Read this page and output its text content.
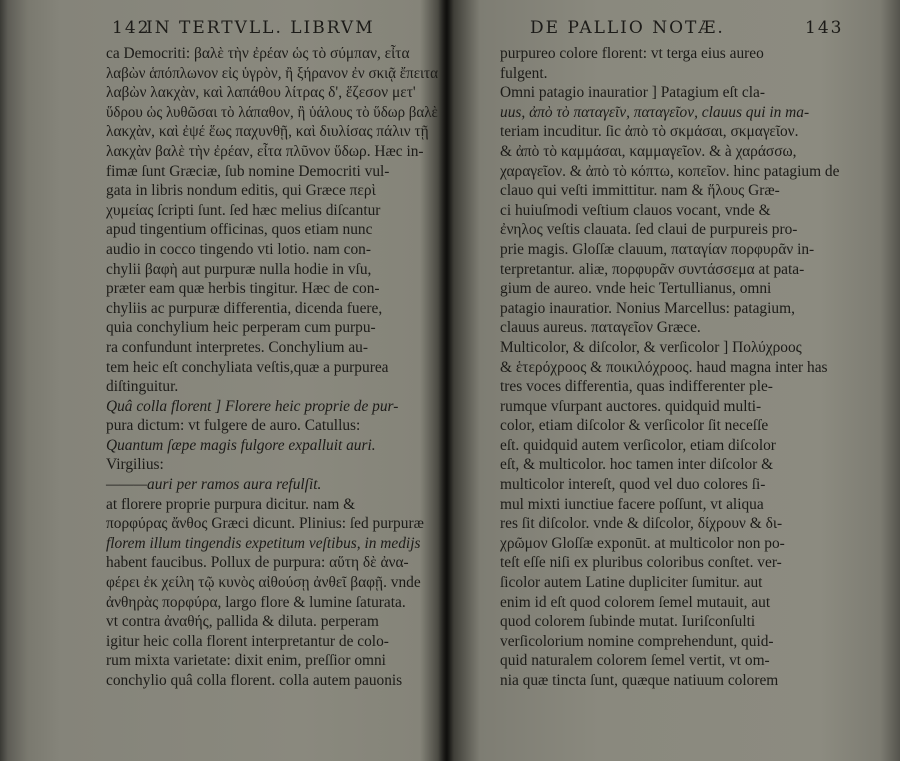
142
IN TERTVLL. LIBRVM
ca Democriti: βαλὲ τὴν ἐρέαν ὡς τὸ σύμπαν, εἶτα
λαβὼν ἁπόπλωνον εἰς ὑγρὸν, ἢ ξήρανον ἐν σκιᾷ ἔπειτα
λαβὼν λακχὰν, καὶ λαπάθου λίτρας δ', ἕζεσον μετ'
ὕδρου ὡς λυθῶσαι τὸ λάπαθον, ἢ ὑάλους τὸ ὕδωρ βαλὲ
λακχὰν, καὶ ἐψέ ἕως παχυνθῇ, καὶ διυλίσας πάλιν τῇ
λακχὰν βαλὲ τὴν ἐρέαν, εἶτα πλῦνον ὕδωρ. Hæc in-
fimæ ſunt Græciæ, ſub nomine Democriti vul-
gata in libris nondum editis, qui Græce περὶ
χυμείας ſcripti ſunt. ſed hæc melius diſcantur
apud tingentium officinas, quos etiam nunc
audio in cocco tingendo vti lotio. nam con-
chylii βαφὴ aut purpuræ nulla hodie in vſu,
præter eam quæ herbis tingitur. Hæc de con-
chyliis ac purpuræ differentia, dicenda fuere,
quia conchylium heic perperam cum purpu-
ra confundunt interpretes. Conchylium au-
tem heic eſt conchyliata veſtis,quæ a purpurea
diſtinguitur.
Quâ colla florent ] Florere heic proprie de pur-
pura dictum: vt fulgere de auro. Catullus:
Quantum ſæpe magis fulgore expalluit auri.
Virgilius:
———auri per ramos aura refulſit.
at florere proprie purpura dicitur. nam &
πορφύρας ἄνθος Græci dicunt. Plinius: ſed purpuræ
florem illum tingendis expetitum veſtibus, in medijs
habent faucibus. Pollux de purpura: αὕτη δὲ ἀνα-
φέρει ἐκ χείλη τῷ κυνὸς αἰθούσῃ ἀνθεῖ βαφῇ. vnde
ἀνθηρὰς πορφύρα, largo flore & lumine ſaturata.
vt contra ἀναθής, pallida & diluta. perperam
igitur heic colla florent interpretantur de colo-
rum mixta varietate: dixit enim, preſſior omni
conchylio quâ colla florent. colla autem pauonis
DE PALLIO NOTÆ.	143
purpureo colore florent: vt terga eius aureo
fulgent.
Omni patagio inauratior ] Patagium eſt cla-
uus, ἀπὸ τὸ παταγεῖν, παταγεῖον, clauus qui in ma-
teriam incuditur. ſic ἀπὸ τὸ σκμάσαι, σκμαγεῖον.
& ἀπὸ τὸ καμμάσαι, καμμαγεῖον. & à χαράσσω,
χαραγεῖον. & ἀπὸ τὸ κόπτω, κοπεῖον. hinc patagium de
clauo qui veſti immittitur. nam & ἥλους Græ-
ci huiuſmodi veſtium clauos vocant, vnde &
ἐνηλος veſtis clauata. ſed claui de purpureis pro-
prie magis. Gloſſæ clauum, παταγίαν πορφυρᾶν in-
terpretantur. aliæ, πορφυρᾶν συντάσσεμα at pata-
gium de aureo. vnde heic Tertullianus, omni
patagio inauratior. Nonius Marcellus: patagium,
clauus aureus. παταγεῖον Græce.
Multicolor, & diſcolor, & verſicolor ] Πολύχροος
& ἑτερόχροος & ποικιλόχροος. haud magna inter has
tres voces differentia, quas indifferenter ple-
rumque vſurpant auctores. quidquid multi-
color, etiam diſcolor & verſicolor ſit neceſſe
eſt. quidquid autem verſicolor, etiam diſcolor
eſt, & multicolor. hoc tamen inter diſcolor &
multicolor intereſt, quod vel duo colores ſi-
mul mixti iunctiue facere poſſunt, vt aliqua
res ſit diſcolor. vnde & diſcolor, δίχρουν & δι-
χρῶμον Gloſſæ exponūt. at multicolor non po-
teſt eſſe niſi ex pluribus coloribus conſtet. ver-
ſicolor autem Latine dupliciter ſumitur. aut
enim id eſt quod colorem ſemel mutauit, aut
quod colorem ſubinde mutat. Iuriſconſulti
verſicolorium nomine comprehendunt, quid-
quid naturalem colorem ſemel vertit, vt om-
nia quæ tincta ſunt, quæque natiuum colorem
